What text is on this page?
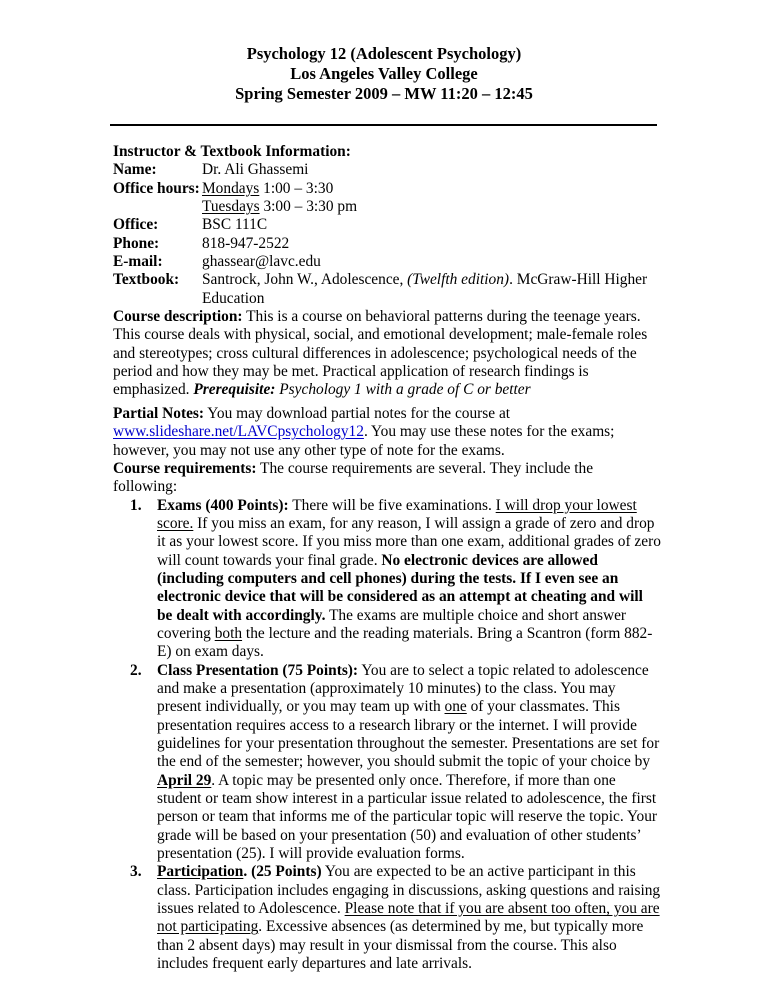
Psychology 12 (Adolescent Psychology)
Los Angeles Valley College
Spring Semester 2009 – MW 11:20 – 12:45
Instructor & Textbook Information:
Name:	Dr. Ali Ghassemi
Office hours: Mondays 1:00 – 3:30
Tuesdays 3:00 – 3:30 pm
Office:	BSC 111C
Phone:	818-947-2522
E-mail:	ghassear@lavc.edu
Textbook:	Santrock, John W., Adolescence, (Twelfth edition). McGraw-Hill Higher Education

Course description: This is a course on behavioral patterns during the teenage years. This course deals with physical, social, and emotional development; male-female roles and stereotypes; cross cultural differences in adolescence; psychological needs of the period and how they may be met. Practical application of research findings is emphasized. Prerequisite: Psychology 1 with a grade of C or better

Partial Notes: You may download partial notes for the course at www.slideshare.net/LAVCpsychology12. You may use these notes for the exams; however, you may not use any other type of note for the exams.

Course requirements: The course requirements are several. They include the following:

1. Exams (400 Points): There will be five examinations. I will drop your lowest score. If you miss an exam, for any reason, I will assign a grade of zero and drop it as your lowest score. If you miss more than one exam, additional grades of zero will count towards your final grade. No electronic devices are allowed (including computers and cell phones) during the tests. If I even see an electronic device that will be considered as an attempt at cheating and will be dealt with accordingly. The exams are multiple choice and short answer covering both the lecture and the reading materials. Bring a Scantron (form 882-E) on exam days.
2. Class Presentation (75 Points): You are to select a topic related to adolescence and make a presentation (approximately 10 minutes) to the class. You may present individually, or you may team up with one of your classmates. This presentation requires access to a research library or the internet. I will provide guidelines for your presentation throughout the semester. Presentations are set for the end of the semester; however, you should submit the topic of your choice by April 29. A topic may be presented only once. Therefore, if more than one student or team show interest in a particular issue related to adolescence, the first person or team that informs me of the particular topic will reserve the topic. Your grade will be based on your presentation (50) and evaluation of other students’ presentation (25). I will provide evaluation forms.
3. Participation. (25 Points) You are expected to be an active participant in this class. Participation includes engaging in discussions, asking questions and raising issues related to Adolescence. Please note that if you are absent too often, you are not participating. Excessive absences (as determined by me, but typically more than 2 absent days) may result in your dismissal from the course. This also includes frequent early departures and late arrivals.
